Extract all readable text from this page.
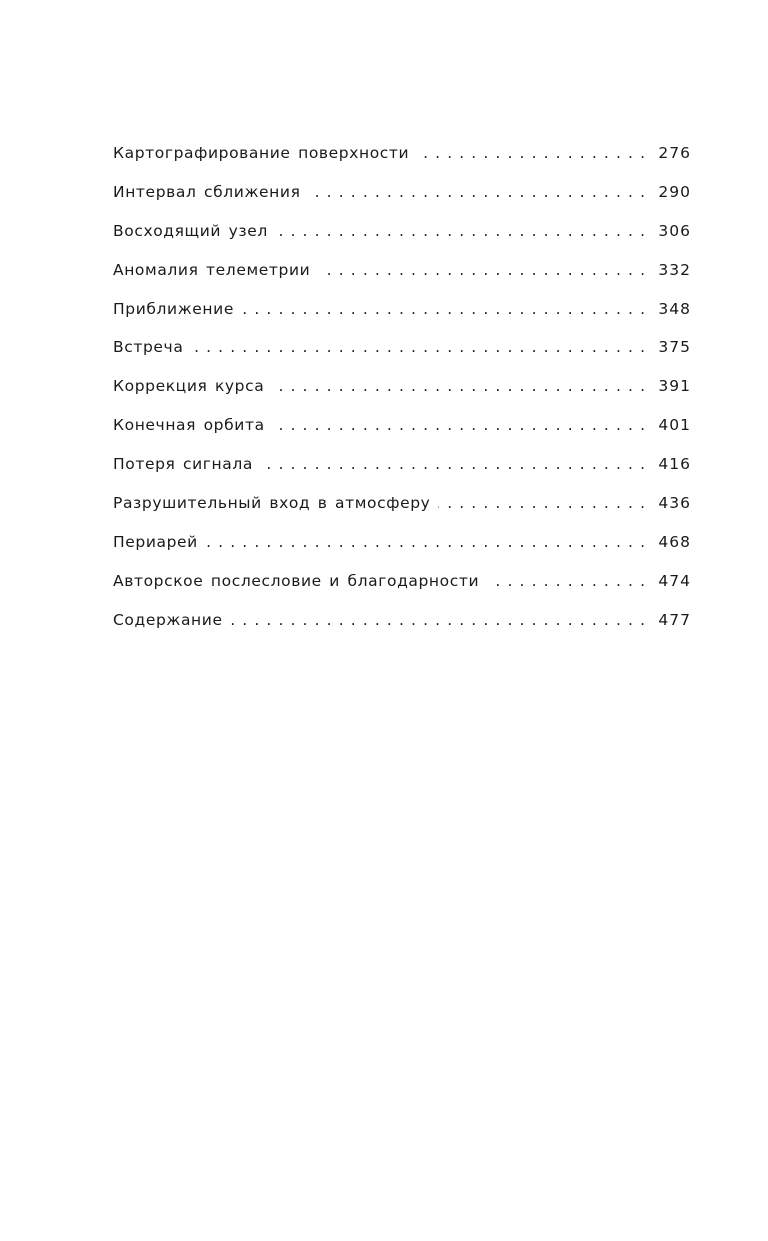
Картографирование поверхности . . .	276
Интервал сближения . . .	290
Восходящий узел . . .	306
Аномалия телеметрии . . .	332
Приближение . . .	348
Встреча . . .	375
Коррекция курса . . .	391
Конечная орбита . . .	401
Потеря сигнала . . .	416
Разрушительный вход в атмосферу . . .	436
Периарей . . .	468
Авторское послесловие и благодарности . . .	474
Содержание . . .	477
